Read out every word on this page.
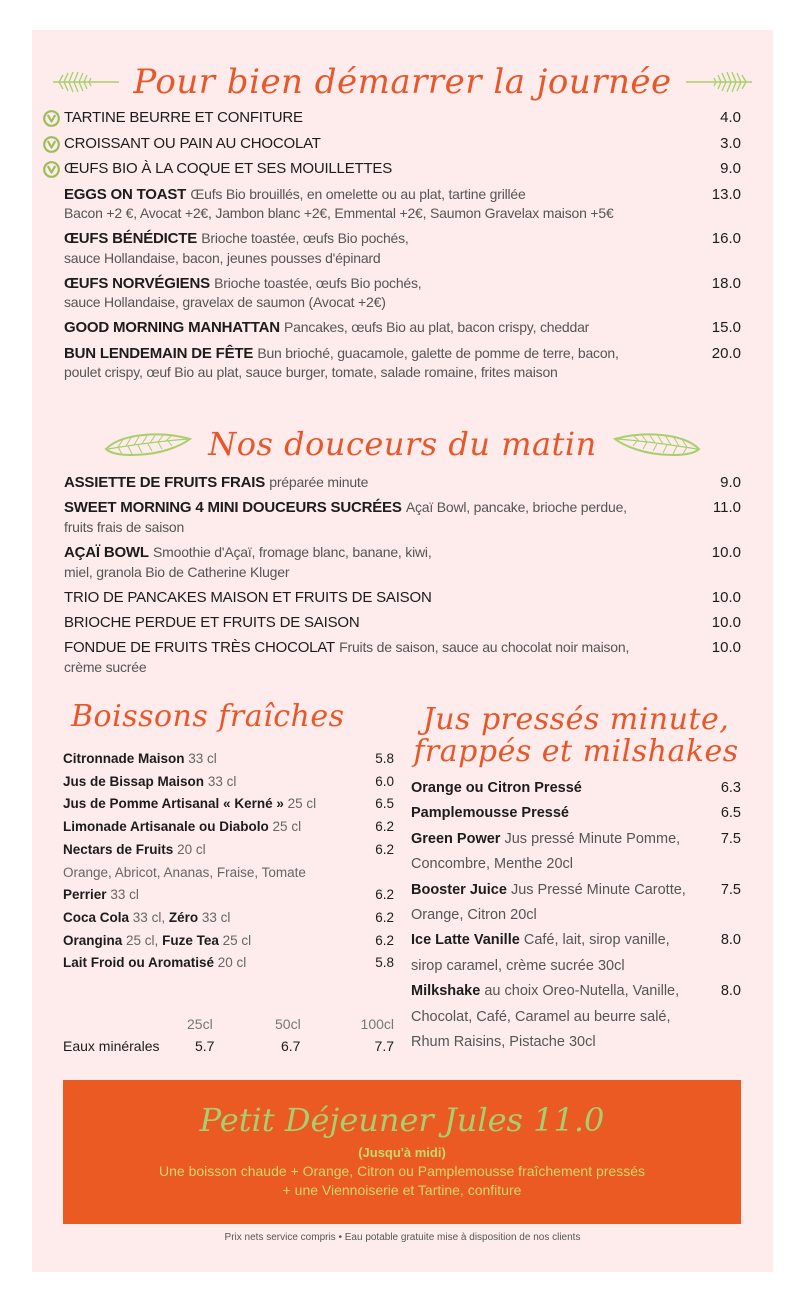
Pour bien démarrer la journée
TARTINE BEURRE ET CONFITURE	4.0
CROISSANT OU PAIN AU CHOCOLAT	3.0
ŒUFS BIO À LA COQUE ET SES MOUILLETTES	9.0
EGGS ON TOAST Œufs Bio brouillés, en omelette ou au plat, tartine grillée
Bacon +2 €, Avocat +2€, Jambon blanc +2€, Emmental +2€, Saumon Gravelax maison +5€
13.0
ŒUFS BÉNÉDICTE Brioche toastée, œufs Bio pochés,
sauce Hollandaise, bacon, jeunes pousses d'épinard
16.0
ŒUFS NORVÉGIENS Brioche toastée, œufs Bio pochés,
sauce Hollandaise, gravelax de saumon (Avocat +2€)
18.0
GOOD MORNING MANHATTAN Pancakes, œufs Bio au plat, bacon crispy, cheddar	15.0
BUN LENDEMAIN DE FÊTE Bun brioché, guacamole, galette de pomme de terre, bacon,
poulet crispy, œuf Bio au plat, sauce burger, tomate, salade romaine, frites maison
20.0
Nos douceurs du matin
ASSIETTE DE FRUITS FRAIS préparée minute	9.0
SWEET MORNING 4 MINI DOUCEURS SUCRÉES Açaï Bowl, pancake, brioche perdue,
fruits frais de saison
11.0
AÇAÏ BOWL Smoothie d'Açaï, fromage blanc, banane, kiwi,
miel, granola Bio de Catherine Kluger
10.0
TRIO DE PANCAKES MAISON ET FRUITS DE SAISON	10.0
BRIOCHE PERDUE ET FRUITS DE SAISON	10.0
FONDUE DE FRUITS TRÈS CHOCOLAT Fruits de saison, sauce au chocolat noir maison,
crème sucrée
10.0
Boissons fraîches
Citronnade Maison 33 cl	5.8
Jus de Bissap Maison 33 cl	6.0
Jus de Pomme Artisanal « Kerné » 25 cl	6.5
Limonade Artisanale ou Diabolo 25 cl	6.2
Nectars de Fruits 20 cl	6.2
Orange, Abricot, Ananas, Fraise, Tomate
Perrier 33 cl	6.2
Coca Cola 33 cl, Zéro 33 cl	6.2
Orangina 25 cl, Fuze Tea 25 cl	6.2
Lait Froid ou Aromatisé 20 cl	5.8
25cl	50cl	100cl
Eaux minérales	5.7	6.7	7.7
Jus pressés minute,
frappés et milshakes
Orange ou Citron Pressé	6.3
Pamplemousse Pressé	6.5
Green Power Jus pressé Minute Pomme,
Concombre, Menthe 20cl
7.5
Booster Juice Jus Pressé Minute Carotte,
Orange, Citron 20cl
7.5
Ice Latte Vanille Café, lait, sirop vanille,
sirop caramel, crème sucrée 30cl
8.0
Milkshake au choix Oreo-Nutella, Vanille,
Chocolat, Café, Caramel au beurre salé,
Rhum Raisins, Pistache 30cl
8.0
Petit Déjeuner Jules 11.0
(Jusqu'à midi)
Une boisson chaude + Orange, Citron ou Pamplemousse fraîchement pressés
+ une Viennoiserie et Tartine, confiture
Prix nets service compris • Eau potable gratuite mise à disposition de nos clients
